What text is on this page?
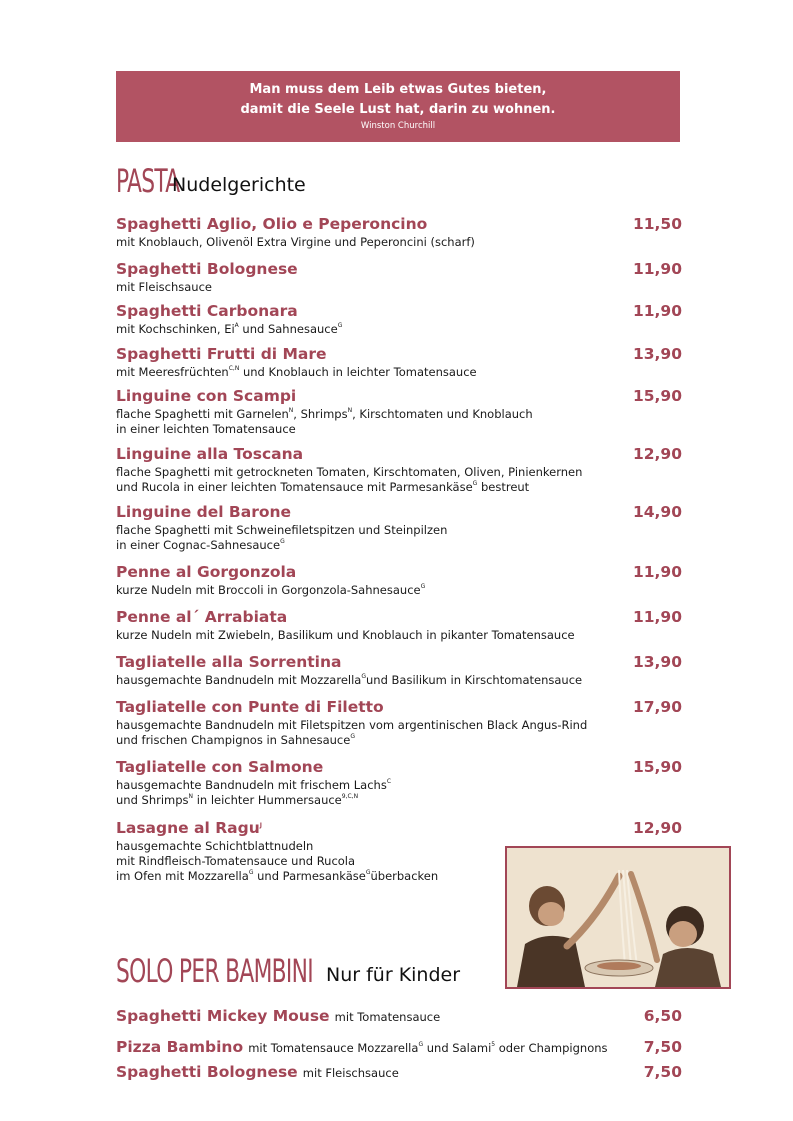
Man muss dem Leib etwas Gutes bieten,
damit die Seele Lust hat, darin zu wohnen.
Winston Churchill
PASTA
Nudelgerichte
Spaghetti Aglio, Olio e Peperoncino	11,50
mit Knoblauch, Olivenöl Extra Virgine und Peperoncini (scharf)
Spaghetti Bolognese	11,90
mit Fleischsauce
Spaghetti Carbonara	11,90
mit Kochschinken, $Ei^A$ und Sahnesauce$^G$
Spaghetti Frutti di Mare	13,90
mit Meeresfrüchten$^{C,N}$ und Knoblauch in leichter Tomatensauce
Linguine con Scampi	15,90
flache Spaghetti mit Garnelen$^N$, Shrimps$^N$, Kirschtomaten und Knoblauch
in einer leichten Tomatensauce
Linguine alla Toscana	12,90
flache Spaghetti mit getrockneten Tomaten, Kirschtomaten, Oliven, Pinienkernen
und Rucola in einer leichten Tomatensauce mit Parmesankäse$^G$ bestreut
Linguine del Barone	14,90
flache Spaghetti mit Schweinefiletspitzen und Steinpilzen
in einer Cognac-Sahnesauce$^G$
Penne al Gorgonzola	11,90
kurze Nudeln mit Broccoli in Gorgonzola-Sahnesauce$^G$
Penne al´ Arrabiata	11,90
kurze Nudeln mit Zwiebeln, Basilikum und Knoblauch in pikanter Tomatensauce
Tagliatelle alla Sorrentina	13,90
hausgemachte Bandnudeln mit Mozzarella$^G$und Basilikum in Kirschtomatensauce
Tagliatelle con Punte di Filetto	17,90
hausgemachte Bandnudeln mit Filetspitzen vom argentinischen Black Angus-Rind
und frischen Champignos in Sahnesauce$^G$
Tagliatelle con Salmone	15,90
hausgemachte Bandnudeln mit frischem Lachs$^C$
und Shrimps$^N$ in leichter Hummersauce$^{9,C,N}$
Lasagne al Ragu$^J$	12,90
hausgemachte Schichtblattnudeln
mit Rindfleisch-Tomatensauce und Rucola
im Ofen mit Mozzarella$^G$ und Parmesankäse$^G$überbacken
SOLO PER BAMBINI Nur für Kinder
Spaghetti Mickey Mouse mit Tomatensauce	6,50
Pizza Bambino mit Tomatensauce Mozzarella$^G$ und Salami$^5$ oder Champignons 7,50
Spaghetti Bolognese mit Fleischsauce	7,50
